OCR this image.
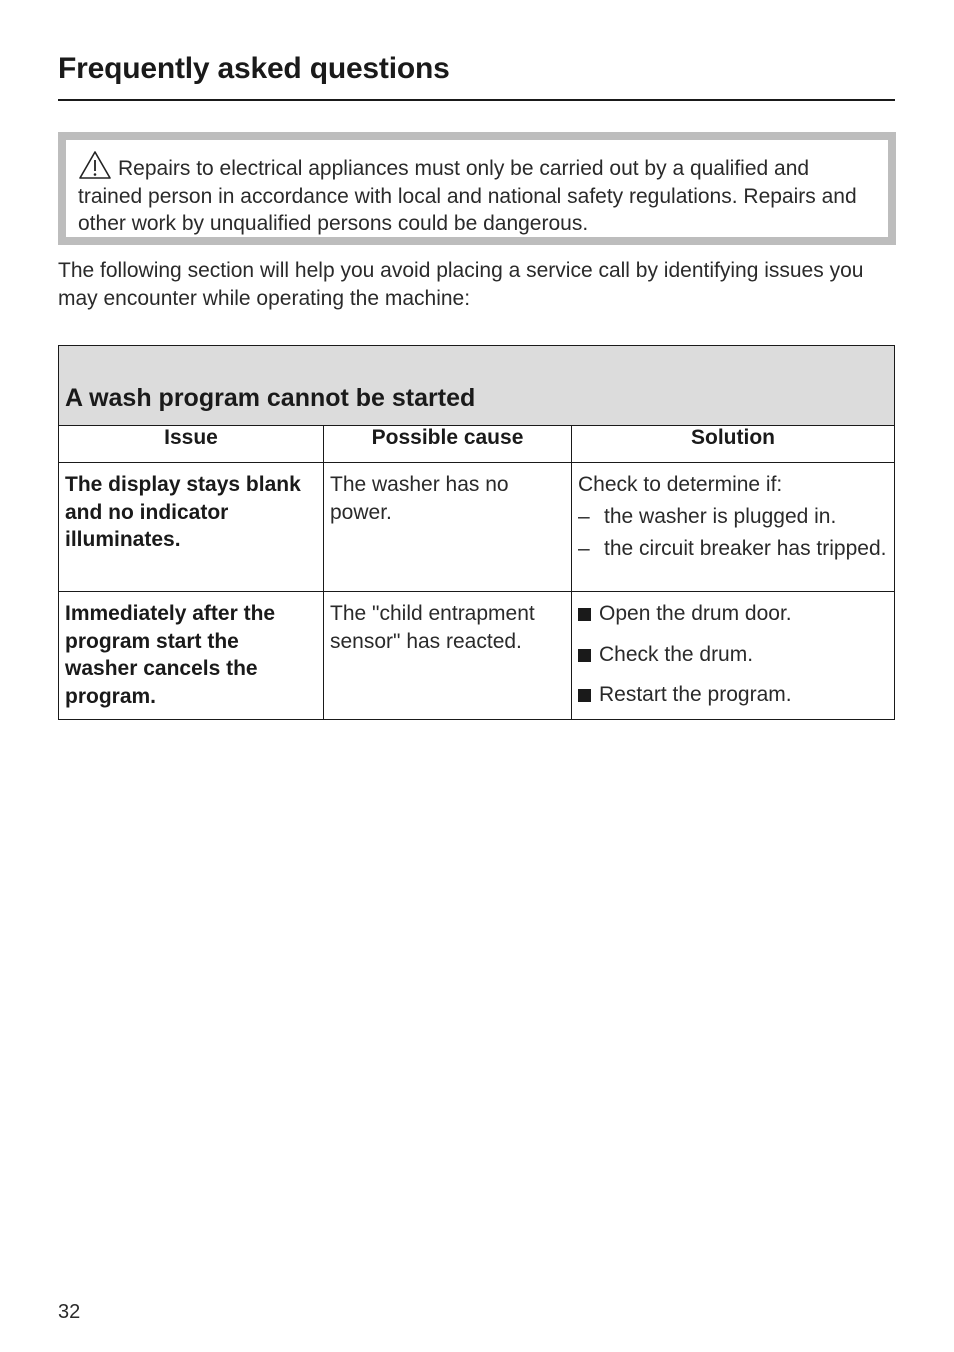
Frequently asked questions
Repairs to electrical appliances must only be carried out by a qualified and trained person in accordance with local and national safety regulations. Repairs and other work by unqualified persons could be dangerous.

The following section will help you avoid placing a service call by identifying issues you may encounter while operating the machine:

A wash program cannot be started		

Issue	Possible cause	Solution
The display stays blank and no indicator illuminates.	The washer has no power.	Check to determine if:
– the washer is plugged in.
– the circuit breaker has tripped.

Immediately after the program start the washer cancels the program.	The "child entrapment sensor" has reacted.	Open the drum door.
Check the drum.
Restart the program.
32
